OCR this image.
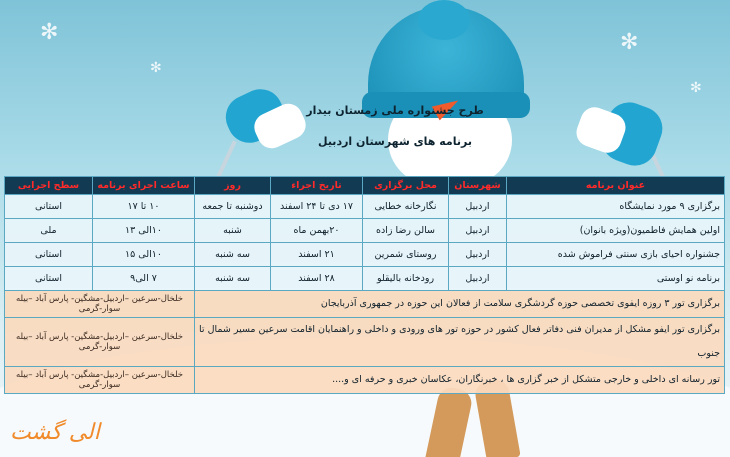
✻
✻
✻
✻
طرح جشنواره ملی زمستان بیدار
برنامه های شهرستان اردبیل
عنوان برنامه	شهرستان	محل برگزاری	تاریخ اجراء	روز	ساعت اجرای برنامه	سطح اجرایی
برگزاری ۹ مورد نمایشگاه	اردبیل	نگارخانه خطایی	۱۷ دی تا ۲۴ اسفند	دوشنبه تا جمعه	۱۰ تا ۱۷	استانی
اولین همایش فاطمیون(ویژه بانوان)	اردبیل	سالن رضا زاده	۲۰بهمن ماه	شنبه	۱۰الی ۱۳	ملی
جشنواره احیای بازی سنتی فراموش شده	اردبیل	روستای شمرین	۲۱ اسفند	سه شنبه	۱۰الی ۱۵	استانی
برنامه نو اوستی	اردبیل	رودخانه بالیقلو	۲۸ اسفند	سه شنبه	۷ الی۹	استانی
برگزاری تور ۳ روزه ایفوی تخصصی حوزه گردشگری سلامت از فعالان این حوزه در جمهوری آذربایجان					خلخال-سرعین –اردبیل-مشگین- پارس آباد –بیله سوار-گرمی	
برگزاری تور ایفو مشکل از مدیران فنی دفاتر فعال کشور در حوزه تور های ورودی و داخلی و راهنمایان اقامت سرعین مسیر شمال تا جنوب					خلخال-سرعین –اردبیل-مشگین- پارس آباد –بیله سوار-گرمی	
تور رسانه ای داخلی و خارجی متشکل از خبر گزاری ها ، خبرنگاران، عکاسان خبری و حرفه ای و....					خلخال-سرعین –اردبیل-مشگین- پارس آباد –بیله سوار-گرمی	
الی گشت
